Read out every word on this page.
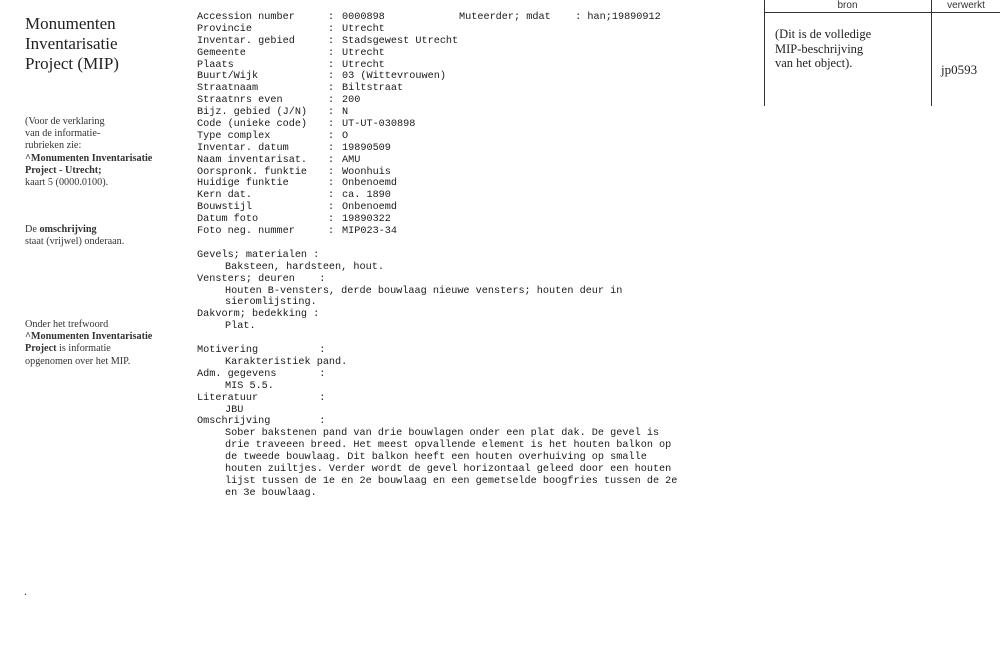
Monumenten
Inventarisatie
Project (MIP)
(Voor de verklaring
van de informatie-
rubrieken zie:
^Monumenten Inventarisatie
Project - Utrecht;
kaart 5 (0000.0100).
De omschrijving
staat (vrijwel) onderaan.
Onder het trefwoord
^Monumenten Inventarisatie
Project is informatie
opgenomen over het MIP.
.
Muteerder; mdat    : han;19890912
Accession number	: 0000898
Provincie	: Utrecht
Inventar. gebied	: Stadsgewest Utrecht
Gemeente	: Utrecht
Plaats	: Utrecht
Buurt/Wijk	: 03 (Wittevrouwen)
Straatnaam	: Biltstraat
Straatnrs even	: 200
Bijz. gebied (J/N)	: N
Code (unieke code)	: UT-UT-030898
Type complex	: O
Inventar. datum	: 19890509
Naam inventarisat.	: AMU
Oorspronk. funktie	: Woonhuis
Huidige funktie	: Onbenoemd
Kern dat.	: ca. 1890
Bouwstijl	: Onbenoemd
Datum foto	: 19890322
Foto neg. nummer	: MIP023-34
Gevels; materialen :
Baksteen, hardsteen, hout.
Vensters; deuren    :
Houten B-vensters, derde bouwlaag nieuwe vensters; houten deur in
sieromlijsting.
Dakvorm; bedekking :
Plat.
Motivering          :
Karakteristiek pand.
Adm. gegevens       :
MIS 5.5.
Literatuur          :
JBU
Omschrijving        :
Sober bakstenen pand van drie bouwlagen onder een plat dak. De gevel is
drie traveeen breed. Het meest opvallende element is het houten balkon op
de tweede bouwlaag. Dit balkon heeft een houten overhuiving op smalle
houten zuiltjes. Verder wordt de gevel horizontaal geleed door een houten
lijst tussen de 1e en 2e bouwlaag en een gemetselde boogfries tussen de 2e
en 3e bouwlaag.
bron	verwerkt
(Dit is de volledige
MIP-beschrijving
van het object).	jp0593
